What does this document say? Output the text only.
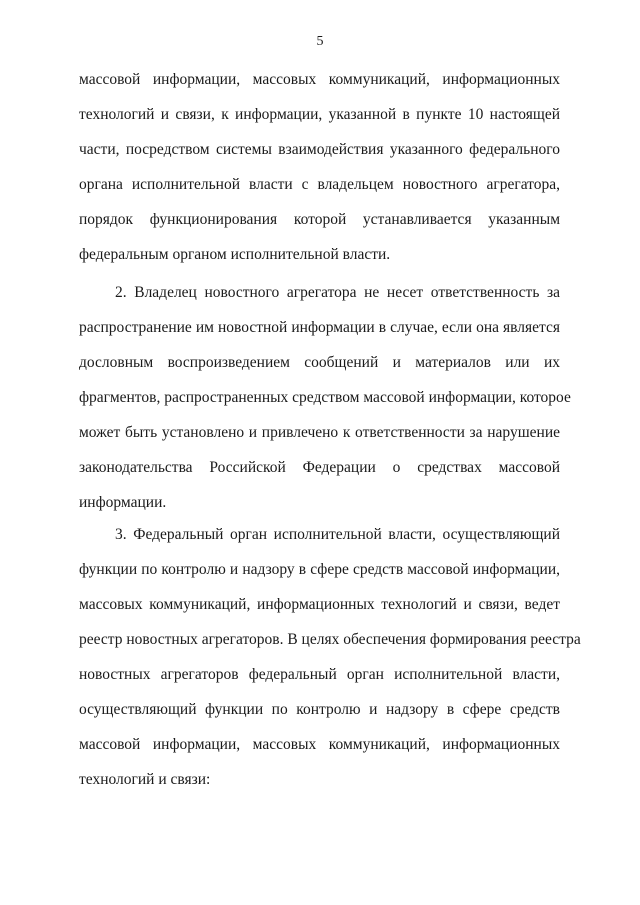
5
массовой информации, массовых коммуникаций, информационных
технологий и связи, к информации, указанной в пункте 10 настоящей
части, посредством системы взаимодействия указанного федерального
органа исполнительной власти с владельцем новостного агрегатора,
порядок функционирования которой устанавливается указанным
федеральным органом исполнительной власти.
2. Владелец новостного агрегатора не несет ответственность за
распространение им новостной информации в случае, если она является
дословным воспроизведением сообщений и материалов или их
фрагментов, распространенных средством массовой информации, которое
может быть установлено и привлечено к ответственности за нарушение
законодательства Российской Федерации о средствах массовой
информации.
3. Федеральный орган исполнительной власти, осуществляющий
функции по контролю и надзору в сфере средств массовой информации,
массовых коммуникаций, информационных технологий и связи, ведет
реестр новостных агрегаторов. В целях обеспечения формирования реестра
новостных агрегаторов федеральный орган исполнительной власти,
осуществляющий функции по контролю и надзору в сфере средств
массовой информации, массовых коммуникаций, информационных
технологий и связи:
